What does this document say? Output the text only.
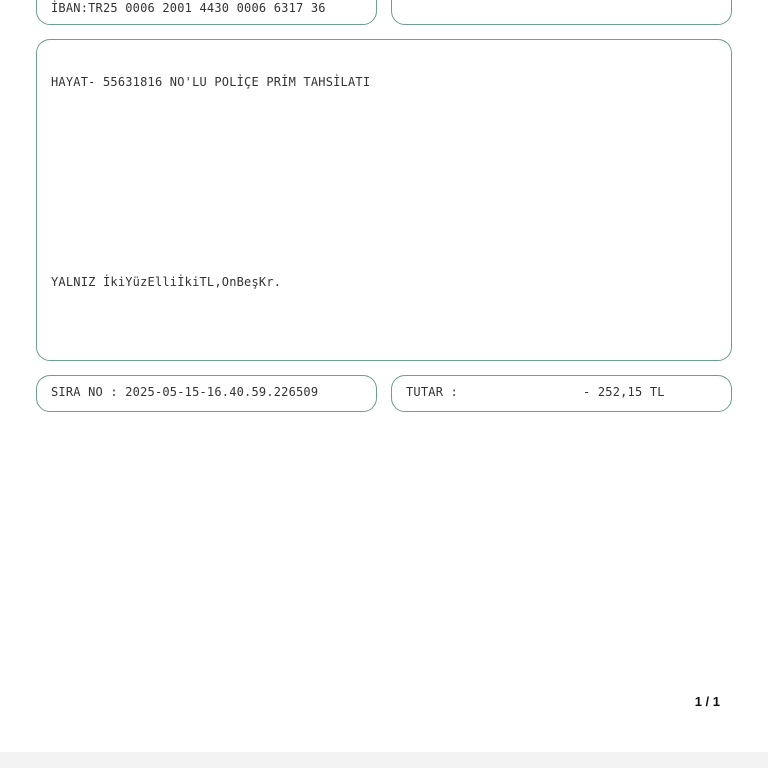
İBAN:TR25 0006 2001 4430 0006 6317 36
HAYAT- 55631816 NO'LU POLİÇE PRİM TAHSİLATI
YALNIZ İkiYüzElliİkiTL,OnBeşKr.
SIRA NO : 2025-05-15-16.40.59.226509	TUTAR :	- 252,15 TL
1 / 1
